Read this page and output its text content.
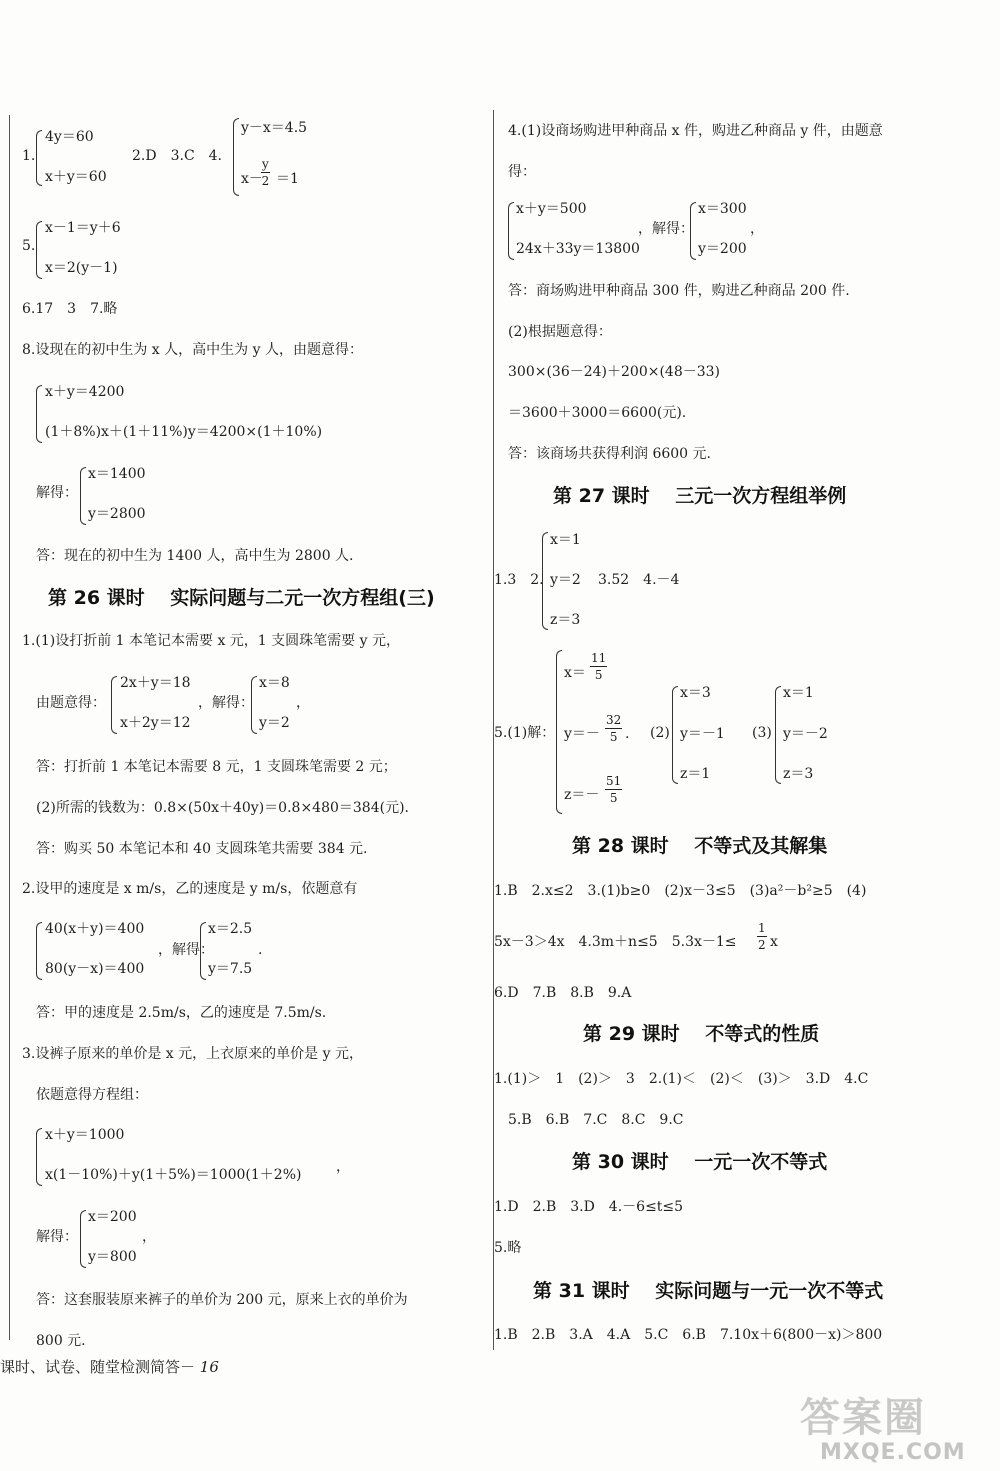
1.
4y＝60
x＋y＝60
2.D　3.C　4.
y－x＝4.5
x－
$\frac{y}{2} =1$
5.
x－1＝y＋6
x＝2(y－1)
6.17　3　7.略
8.设现在的初中生为 x 人，高中生为 y 人，由题意得：
x＋y＝4200
(1＋8%)x＋(1＋11%)y＝4200×(1＋10%)
解得：
x＝1400
y＝2800
答：现在的初中生为 1400 人，高中生为 2800 人.
第 26 课时　 实际问题与二元一次方程组(三)
1.(1)设打折前 1 本笔记本需要 x 元，1 支圆珠笔需要 y 元，
由题意得：
2x＋y＝18
x＋2y＝12
，解得：
x＝8
y＝2
，
答：打折前 1 本笔记本需要 8 元，1 支圆珠笔需要 2 元；
(2)所需的钱数为：0.8×(50x＋40y)＝0.8×480＝384(元).
答：购买 50 本笔记本和 40 支圆珠笔共需要 384 元.
2.设甲的速度是 x m/s，乙的速度是 y m/s，依题意有
40(x＋y)＝400
80(y－x)＝400
，解得：
x＝2.5
y＝7.5
.
答：甲的速度是 2.5m/s，乙的速度是 7.5m/s.
3.设裤子原来的单价是 x 元，上衣原来的单价是 y 元，
依题意得方程组：
x＋y＝1000
x(1－10%)＋y(1＋5%)＝1000(1＋2%) ，
解得：
x＝200
y＝800
，
答：这套服装原来裤子的单价为 200 元，原来上衣的单价为
800 元.
4.(1)设商场购进甲种商品 x 件，购进乙种商品 y 件，由题意
得：
x＋y＝500
24x＋33y＝13800
，解得：
x＝300
y＝200
，
答：商场购进甲种商品 300 件，购进乙种商品 200 件.
(2)根据题意得：
300×(36－24)＋200×(48－33)
＝3600＋3000＝6600(元).
答：该商场共获得利润 6600 元.
第 27 课时　 三元一次方程组举例
1.3　2.
x＝1
y＝2
z＝3
3.52　4.－4
5.(1)解：
$x= \frac{11}{5}$
$y=- \frac{32}{5}$ .
$z=- \frac{51}{5}$
(2)
x＝3
y＝－1
z＝1
(3)
x＝1
y＝－2
z＝3
第 28 课时　 不等式及其解集
1.B　2.x≤2　3.(1)b≥0　(2)x－3≤5　(3)a²－b²≥5　(4)
5x－3＞4x　4.3m＋n≤5　$5.3x-1\le \frac{1}{2}$ x
6.D　7.B　8.B　9.A
第 29 课时　 不等式的性质
1.(1)＞　1　(2)＞　3　2.(1)＜　(2)＜　(3)＞　3.D　4.C
5.B　6.B　7.C　8.C　9.C
第 30 课时　 一元一次不等式
1.D　2.B　3.D　4.－6≤t≤5
5.略
第 31 课时　 实际问题与一元一次不等式
1.B　2.B　3.A　4.A　5.C　6.B　7.10x＋6(800－x)＞800
课时、试卷、随堂检测简答－ 16
答案圈
MXQE.COM
